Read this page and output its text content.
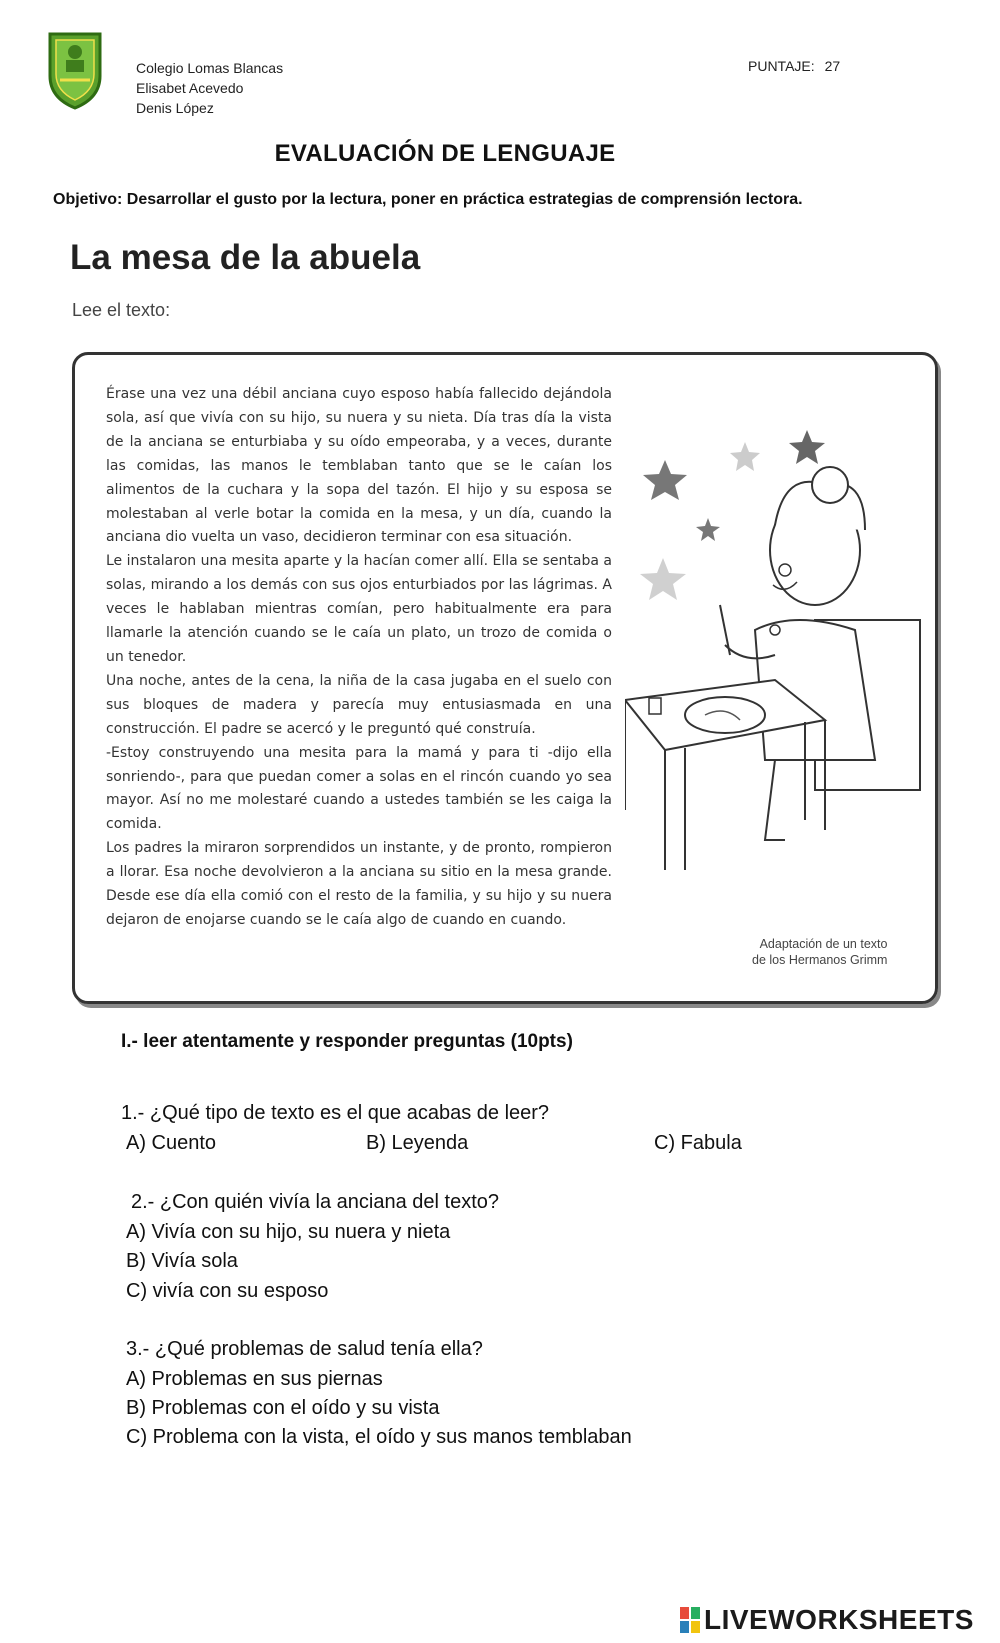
Colegio Lomas Blancas
Elisabet Acevedo
Denis López
PUNTAJE: 27
EVALUACIÓN DE LENGUAJE
Objetivo: Desarrollar el gusto por la lectura, poner en práctica estrategias de comprensión lectora.
La mesa de la abuela
Lee el texto:

Érase una vez una débil anciana cuyo esposo había fallecido dejándola sola, así que vivía con su hijo, su nuera y su nieta. Día tras día la vista de la anciana se enturbiaba y su oído empeoraba, y a veces, durante las comidas, las manos le temblaban tanto que se le caían los alimentos de la cuchara y la sopa del tazón. El hijo y su esposa se molestaban al verle botar la comida en la mesa, y un día, cuando la anciana dio vuelta un vaso, decidieron terminar con esa situación.

Le instalaron una mesita aparte y la hacían comer allí. Ella se sentaba a solas, mirando a los demás con sus ojos enturbiados por las lágrimas. A veces le hablaban mientras comían, pero habitualmente era para llamarle la atención cuando se le caía un plato, un trozo de comida o un tenedor.

Una noche, antes de la cena, la niña de la casa jugaba en el suelo con sus bloques de madera y parecía muy entusiasmada en una construcción. El padre se acercó y le preguntó qué construía.

-Estoy construyendo una mesita para la mamá y para ti -dijo ella sonriendo-, para que puedan comer a solas en el rincón cuando yo sea mayor. Así no me molestaré cuando a ustedes también se les caiga la comida.

Los padres la miraron sorprendidos un instante, y de pronto, rompieron a llorar. Esa noche devolvieron a la anciana su sitio en la mesa grande. Desde ese día ella comió con el resto de la familia, y su hijo y su nuera dejaron de enojarse cuando se le caía algo de cuando en cuando.

Adaptación de un texto
de los Hermanos Grimm
I.- leer atentamente y responder preguntas (10pts)
1.- ¿Qué tipo de texto es el que acabas de leer?
A) Cuento	B) Leyenda	C) Fabula
2.- ¿Con quién vivía la anciana del texto?
A) Vivía con su hijo, su nuera y nieta
B) Vivía sola
C) vivía con su esposo
3.- ¿Qué problemas de salud tenía ella?
A) Problemas en sus piernas
B) Problemas con el oído y su vista
C) Problema con la vista, el oído y sus manos temblaban
LIVEWORKSHEETS
